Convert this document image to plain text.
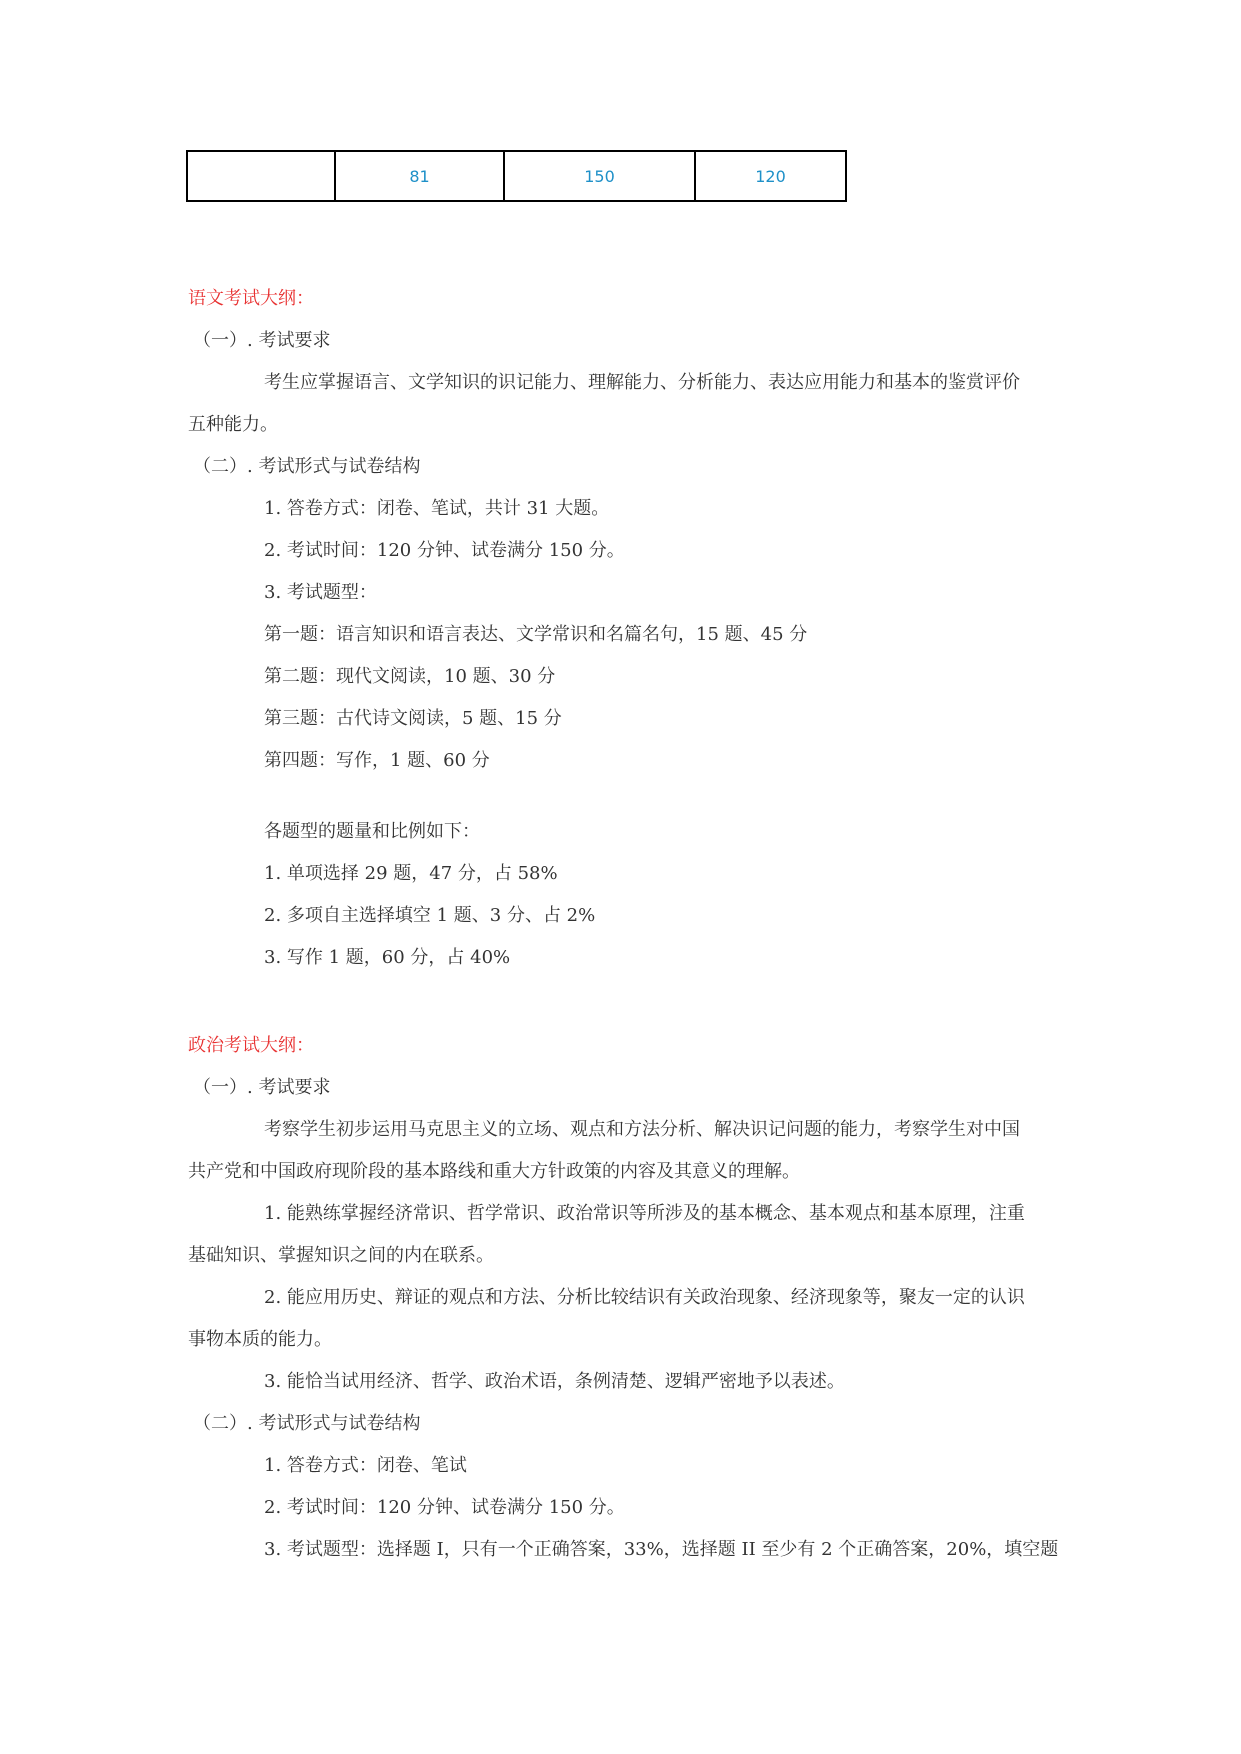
	81	150	120
语文考试大纲：
（一）. 考试要求
考生应掌握语言、文学知识的识记能力、理解能力、分析能力、表达应用能力和基本的鉴赏评价
五种能力。
（二）. 考试形式与试卷结构
1. 答卷方式：闭卷、笔试，共计 31 大题。
2. 考试时间：120 分钟、试卷满分 150 分。
3. 考试题型：
第一题：语言知识和语言表达、文学常识和名篇名句，15 题、45 分
第二题：现代文阅读，10 题、30 分
第三题：古代诗文阅读，5 题、15 分
第四题：写作，1 题、60 分
各题型的题量和比例如下：
1. 单项选择 29 题，47 分，占 58%
2. 多项自主选择填空 1 题、3 分、占 2%
3. 写作 1 题，60 分，占 40%
政治考试大纲：
（一）. 考试要求
考察学生初步运用马克思主义的立场、观点和方法分析、解决识记问题的能力，考察学生对中国
共产党和中国政府现阶段的基本路线和重大方针政策的内容及其意义的理解。
1. 能熟练掌握经济常识、哲学常识、政治常识等所涉及的基本概念、基本观点和基本原理，注重
基础知识、掌握知识之间的内在联系。
2. 能应用历史、辩证的观点和方法、分析比较结识有关政治现象、经济现象等，聚友一定的认识
事物本质的能力。
3. 能恰当试用经济、哲学、政治术语，条例清楚、逻辑严密地予以表述。
（二）. 考试形式与试卷结构
1. 答卷方式：闭卷、笔试
2. 考试时间：120 分钟、试卷满分 150 分。
3. 考试题型：选择题 I，只有一个正确答案，33%，选择题 II 至少有 2 个正确答案，20%，填空题
